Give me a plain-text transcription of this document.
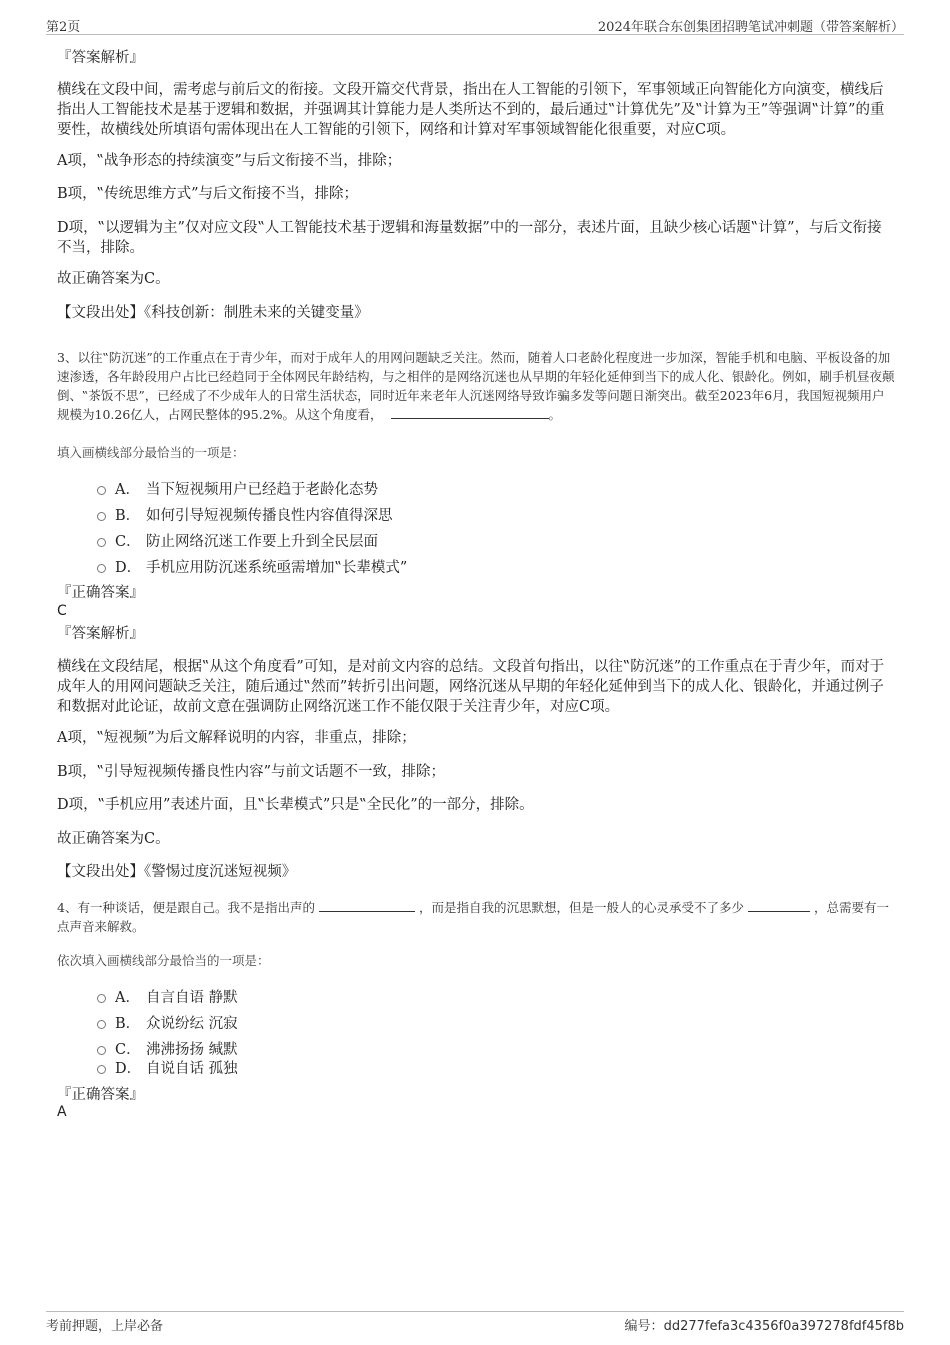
第2页	2024年联合东创集团招聘笔试冲刺题（带答案解析）
『答案解析』
横线在文段中间，需考虑与前后文的衔接。文段开篇交代背景，指出在人工智能的引领下，军事领域正向智能化方向演变，横线后指出人工智能技术是基于逻辑和数据，并强调其计算能力是人类所达不到的，最后通过‟计算优先”及‟计算为王”等强调‟计算”的重要性，故横线处所填语句需体现出在人工智能的引领下，网络和计算对军事领域智能化很重要，对应C项。
A项，‟战争形态的持续演变”与后文衔接不当，排除；
B项，‟传统思维方式”与后文衔接不当，排除；
D项，‟以逻辑为主”仅对应文段‟人工智能技术基于逻辑和海量数据”中的一部分，表述片面，且缺少核心话题‟计算”，与后文衔接不当，排除。
故正确答案为C。
【文段出处】《科技创新：制胜未来的关键变量》
3、以往‟防沉迷”的工作重点在于青少年，而对于成年人的用网问题缺乏关注。然而，随着人口老龄化程度进一步加深，智能手机和电脑、平板设备的加速渗透，各年龄段用户占比已经趋同于全体网民年龄结构，与之相伴的是网络沉迷也从早期的年轻化延伸到当下的成人化、银龄化。例如，刷手机昼夜颠倒、‟茶饭不思”，已经成了不少成年人的日常生活状态，同时近年来老年人沉迷网络导致诈骗多发等问题日渐突出。截至2023年6月，我国短视频用户规模为10.26亿人，占网民整体的95.2%。从这个角度看，	。
填入画横线部分最恰当的一项是：
A． 当下短视频用户已经趋于老龄化态势
B． 如何引导短视频传播良性内容值得深思
C． 防止网络沉迷工作要上升到全民层面
D． 手机应用防沉迷系统亟需增加‟长辈模式”
『正确答案』
C
『答案解析』
横线在文段结尾，根据‟从这个角度看”可知，是对前文内容的总结。文段首句指出，以往‟防沉迷”的工作重点在于青少年，而对于成年人的用网问题缺乏关注，随后通过‟然而”转折引出问题，网络沉迷从早期的年轻化延伸到当下的成人化、银龄化，并通过例子和数据对此论证，故前文意在强调防止网络沉迷工作不能仅限于关注青少年，对应C项。
A项，‟短视频”为后文解释说明的内容，非重点，排除；
B项，‟引导短视频传播良性内容”与前文话题不一致，排除；
D项，‟手机应用”表述片面，且‟长辈模式”只是‟全民化”的一部分，排除。
故正确答案为C。
【文段出处】《警惕过度沉迷短视频》
4、有一种谈话，便是跟自己。我不是指出声的	，而是指自我的沉思默想，但是一般人的心灵承受不了多少	，总需要有一点声音来解救。
依次填入画横线部分最恰当的一项是：
A． 自言自语 静默
B． 众说纷纭 沉寂
C． 沸沸扬扬 缄默
D． 自说自话 孤独
『正确答案』
A
考前押题，上岸必备	编号：dd277fefa3c4356f0a397278fdf45f8b
